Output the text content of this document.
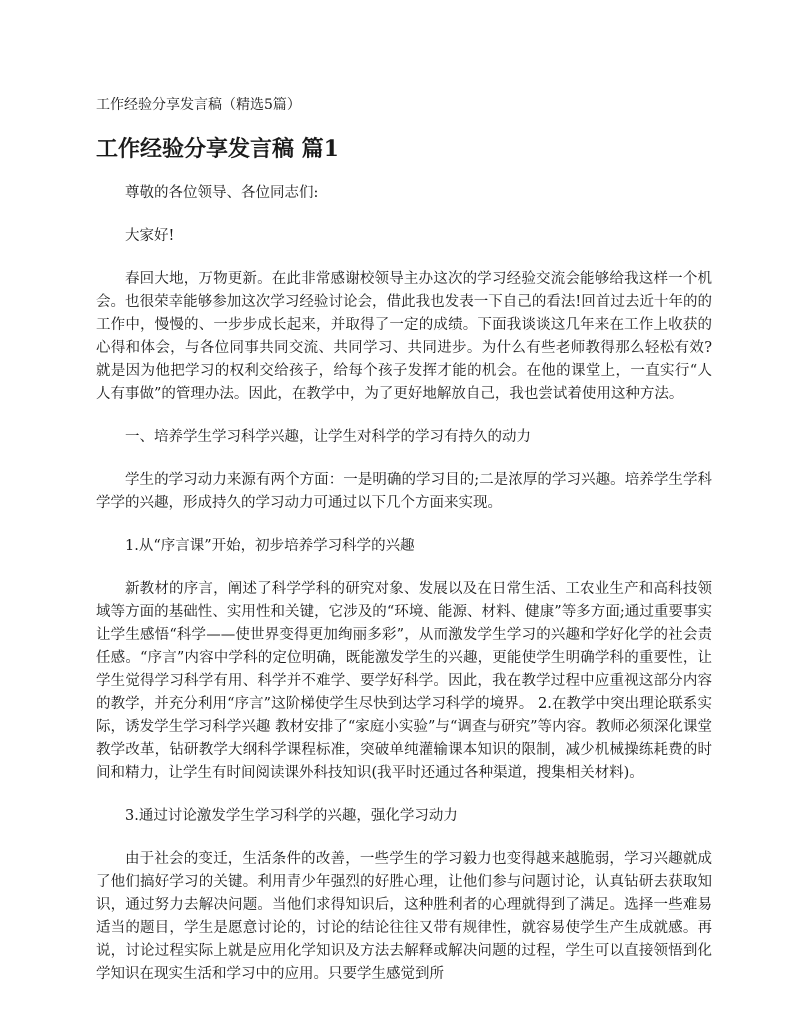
工作经验分享发言稿（精选5篇）
工作经验分享发言稿 篇1

尊敬的各位领导、各位同志们:

大家好!

春回大地，万物更新。在此非常感谢校领导主办这次的学习经验交流会能够给我这样一个机会。也很荣幸能够参加这次学习经验讨论会，借此我也发表一下自己的看法!回首过去近十年的的工作中，慢慢的、一步步成长起来，并取得了一定的成绩。下面我谈谈这几年来在工作上收获的心得和体会，与各位同事共同交流、共同学习、共同进步。为什么有些老师教得那么轻松有效?就是因为他把学习的权利交给孩子，给每个孩子发挥才能的机会。在他的课堂上，一直实行“人人有事做”的管理办法。因此，在教学中，为了更好地解放自己，我也尝试着使用这种方法。

一、培养学生学习科学兴趣，让学生对科学的学习有持久的动力

学生的学习动力来源有两个方面：一是明确的学习目的;二是浓厚的学习兴趣。培养学生学科学学的兴趣，形成持久的学习动力可通过以下几个方面来实现。

1.从“序言课”开始，初步培养学习科学的兴趣

新教材的序言，阐述了科学学科的研究对象、发展以及在日常生活、工农业生产和高科技领域等方面的基础性、实用性和关键，它涉及的“环境、能源、材料、健康”等多方面;通过重要事实让学生感悟“科学——使世界变得更加绚丽多彩”，从而激发学生学习的兴趣和学好化学的社会责任感。“序言”内容中学科的定位明确，既能激发学生的兴趣，更能使学生明确学科的重要性，让学生觉得学习科学有用、科学并不难学、要学好科学。因此，我在教学过程中应重视这部分内容的教学，并充分利用“序言”这阶梯使学生尽快到达学习科学的境界。 2.在教学中突出理论联系实际，诱发学生学习科学兴趣 教材安排了“家庭小实验”与“调查与研究”等内容。教师必须深化课堂教学改革，钻研教学大纲科学课程标准，突破单纯灌输课本知识的限制，减少机械操练耗费的时间和精力，让学生有时间阅读课外科技知识(我平时还通过各种渠道，搜集相关材料)。

3.通过讨论激发学生学习科学的兴趣，强化学习动力

由于社会的变迁，生活条件的改善，一些学生的学习毅力也变得越来越脆弱，学习兴趣就成了他们搞好学习的关键。利用青少年强烈的好胜心理，让他们参与问题讨论，认真钻研去获取知识，通过努力去解决问题。当他们求得知识后，这种胜利者的心理就得到了满足。选择一些难易适当的题目，学生是愿意讨论的，讨论的结论往往又带有规律性，就容易使学生产生成就感。再说，讨论过程实际上就是应用化学知识及方法去解释或解决问题的过程，学生可以直接领悟到化学知识在现实生活和学习中的应用。只要学生感觉到所
